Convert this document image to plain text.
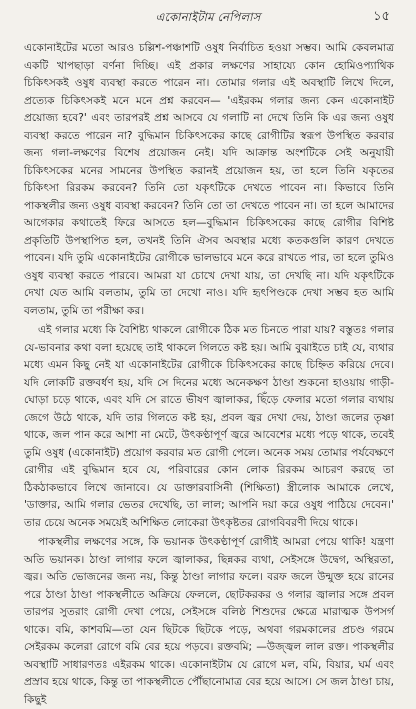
একোনাইটাম নেপিলাস	১৫

একোনাইটের মতো আরও চল্লিশ-পঞ্চাশটি ওষুধ নির্বাচিত হওয়া সম্ভব। আমি কেবলমাত্র একটি খাপছাড়া বর্ণনা দিচ্ছি। এই প্রকার লক্ষণের সাহায্যে কোন হোমিওপ্যাথিক চিকিৎসকই ওষুধ ব্যবস্থা করতে পারেন না। তোমার গলার এই অবস্থাটি লিখে দিলে, প্রত্যেক চিকিৎসকই মনে মনে প্রশ্ন করবেন— 'এইরকম গলার জন্য কেন একোনাইট প্রয়োজ্য হবে?' এবং তারপরই প্রশ্ন আসবে যে গলাটি না দেখে তিনি কি এর জন্য ওষুধ ব্যবস্থা করতে পারেন না? বুদ্ধিমান চিকিৎসকের কাছে রোগীটির স্বরূপ উপস্থিত করবার জন্য গলা-লক্ষণের বিশেষ প্রয়োজন নেই। যদি আক্রান্ত অংশটিকে সেই অনুযায়ী চিকিৎসকের মনের সামনের উপস্থিত করানই প্রয়োজন হয়, তা হলে তিনি যকৃতের চিকিৎসা রিরকম করবেন? তিনি তো যকৃৎটিকে দেখতে পাবেন না। কিভাবে তিনি পাকস্থলীর জন্য ওষুধ ব্যবস্থা করবেন? তিনি তো তা দেখতে পাবেন না। তা হলে আমাদের আগেকার কথাতেই ফিরে আসতে হল—বুদ্ধিমান চিকিৎসকের কাছে রোগীর বিশিষ্ট প্রকৃতিটি উপস্থাপিত হল, তখনই তিনি ঐসব অবস্থার মধ্যে কতকগুলি কারণ দেখতে পাবেন। যদি তুমি একোনাইটের রোগীকে ভালভাবে মনে করে রাখতে পার, তা হলে তুমিও ওষুধ ব্যবস্থা করতে পারবে। আমরা যা চোখে দেখা যায়, তা দেখছি না। যদি যকৃৎটিকে দেখা যেত আমি বলতাম, তুমি তা দেখো নাও। যদি হৃৎপিণ্ডকে দেখা সম্ভব হত আমি বলতাম, তুমি তা পরীক্ষা কর।

এই গলার মধ্যে কি বৈশিষ্ট্য থাকলে রোগীকে ঠিক মত চিনতে পারা যায়? বস্তুতঃ গলার যে-ভাবনার কথা বলা হয়েছে তাই থাকলে গিলতে কষ্ট হয়। আমি বুঝাইতে চাই যে, ব্যথার মধ্যে এমন কিছু নেই যা একোনাইটের রোগীকে চিকিৎসকের কাছে চিহ্নিত করিয়ে দেবে। যদি লোকটি রক্তবর্ধণ হয়, যদি সে দিনের মধ্যে অনেকক্ষণ ঠাণ্ডা শুকনো হাওয়ায় গাড়ী-ঘোড়া চড়ে থাকে, এবং যদি সে রাতে ভীষণ জ্বালাকর, ছিঁড়ে ফেলার মতো গলার ব্যথায় জেগে উঠে থাকে, যদি তার গিলতে কষ্ট হয়, প্রবল জ্বর দেখা দেয়, ঠাণ্ডা জলের তৃষ্ণা থাকে, জল পান করে আশা না মেটে, উৎকণ্ঠাপূর্ণ জ্বরে আবেশের মধ্যে পড়ে থাকে, তবেই তুমি ওষুধ (একোনাইট) প্রয়োগ করবার মত রোগী পেলে। অনেক সময় তোমার পর্যবেক্ষণে রোগীর এই বুদ্ধিমান হবে যে, পরিবারের কোন লোক রিরকম আচরণ করছে তা ঠিকঠাকভাবে লিখে জানাবে। যে ডাক্তারবাসিনী (শিক্ষিতা) স্ত্রীলোক আমাকে লেখে, 'ডাক্তার, আমি গলার ভেতর দেখেছি, তা লাল; আপনি দয়া করে ওষুধ পাঠিয়ে দেবেন।' তার চেয়ে অনেক সময়েই অশিক্ষিত লোকেরা উৎকৃষ্টতর রোগবিবরণী দিয়ে থাকে।

পাকস্থলীর লক্ষণের সঙ্গে, কি ভয়ানক উৎকণ্ঠাপূর্ণ রোগীই আমরা পেয়ে থাকি! যন্ত্রণা অতি ভয়ানক। ঠাণ্ডা লাগার ফলে জ্বালাকর, ছিন্নকর ব্যথা, সেইসঙ্গে উদ্বেগ, অস্থিরতা, জ্বর। অতি ভোজনের জন্য নয়, কিন্তু ঠাণ্ডা লাগার ফলে। বরফ জলে উন্মুক্ত হয়ে রানের পরে ঠাণ্ডা ঠাণ্ডা পাকস্থলীতে অক্রিয়ে ফেললে, ছোটকরকর ও গলার জ্বালার সঙ্গে প্রবল তারপর সুতরাং রোগী দেখা পেয়ে, সেইসঙ্গে বলিষ্ঠ শিশুদের ক্ষেত্রে মারাত্মক উপসর্গ থাকে। বমি, কাশবমি—তা যেন ছিটকে ছিটকে পড়ে, অথবা গরমকালের প্রচণ্ড গরমে সেইরকম কলেরা রোগে বমি বের হয়ে পড়বে। রক্তবমি; —উজ্জ্বল লাল রক্ত। পাকস্থলীর অবস্থাটি সাধারণতঃ এইরকম থাকে। একোনাইটাম যে রোগে মল, বমি, বিয়ার, ঘর্ম এবং প্রস্রাব হয়ে থাকে, কিন্তু তা পাকস্থলীতে পৌঁছানোমাত্র বের হয়ে আসে। সে জল ঠাণ্ডা চায়, কিছুই
